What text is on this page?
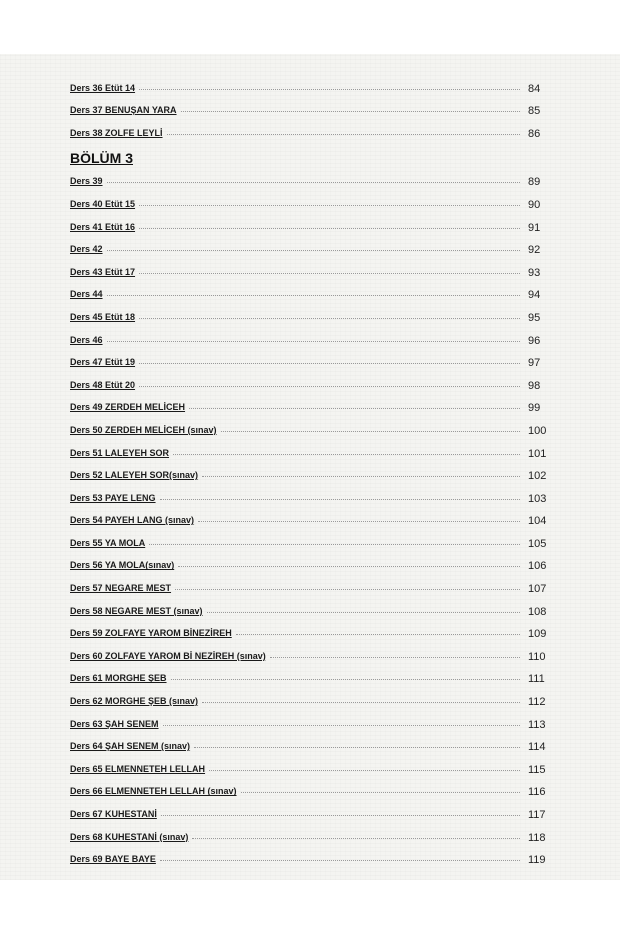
Ders 36 Etüt 14	84
Ders 37 BENUŞAN YARA	85
Ders 38 ZOLFE LEYLİ	86
BÖLÜM 3
Ders 39	89
Ders 40 Etüt 15	90
Ders 41 Etüt 16	91
Ders 42	92
Ders 43 Etüt 17	93
Ders 44	94
Ders 45 Etüt 18	95
Ders 46	96
Ders 47 Etüt 19	97
Ders 48 Etüt 20	98
Ders 49 ZERDEH MELİCEH	99
Ders 50 ZERDEH MELİCEH (sınav)	100
Ders 51 LALEYEH SOR	101
Ders 52 LALEYEH SOR(sınav)	102
Ders 53 PAYE LENG	103
Ders 54 PAYEH LANG (sınav)	104
Ders 55 YA MOLA	105
Ders 56 YA MOLA(sınav)	106
Ders 57 NEGARE MEST	107
Ders 58 NEGARE MEST (sınav)	108
Ders 59 ZOLFAYE YAROM BİNEZİREH	109
Ders 60 ZOLFAYE YAROM Bİ NEZİREH (sınav)	110
Ders 61 MORGHE ŞEB	111
Ders 62 MORGHE ŞEB (sınav)	112
Ders 63 ŞAH SENEM	113
Ders 64 ŞAH SENEM (sınav)	114
Ders 65 ELMENNETEH LELLAH	115
Ders 66 ELMENNETEH LELLAH (sınav)	116
Ders 67 KUHESTANİ	117
Ders 68 KUHESTANİ (sınav)	118
Ders 69 BAYE BAYE	119
